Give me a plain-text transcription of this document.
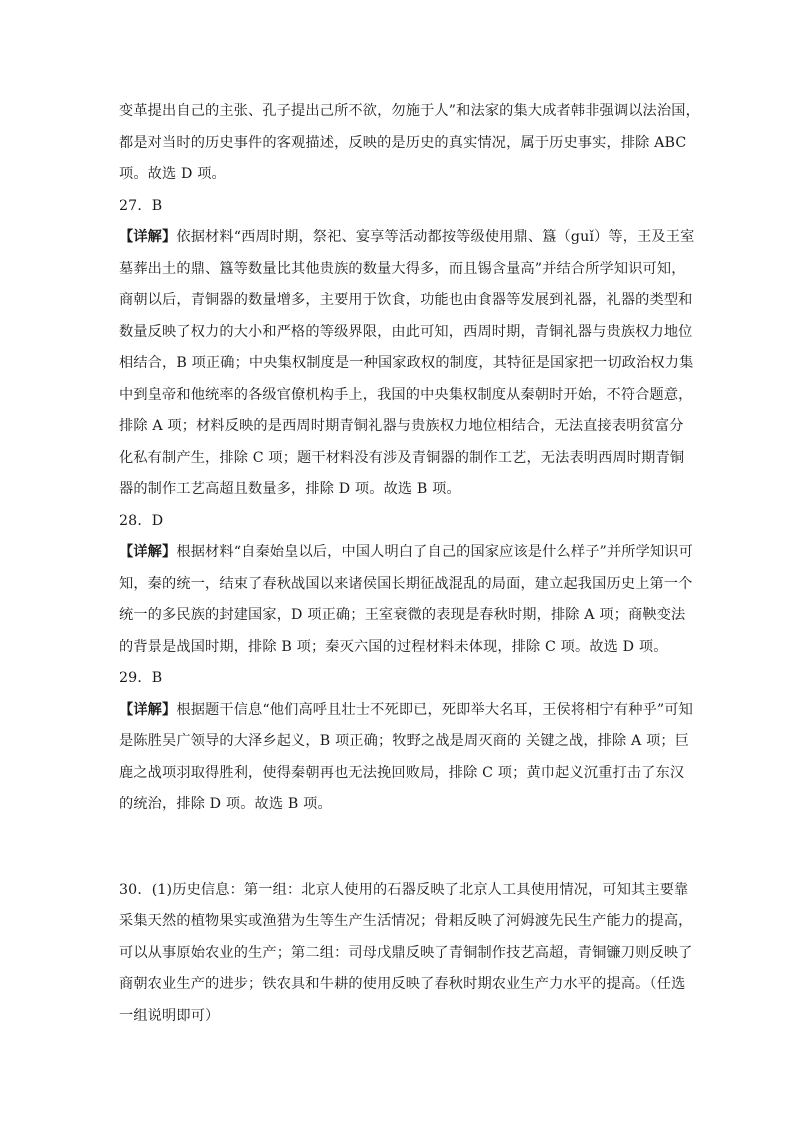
变革提出自己的主张、孔子提出己所不欲，勿施于人”和法家的集大成者韩非强调以法治国，
都是对当时的历史事件的客观描述，反映的是历史的真实情况，属于历史事实，排除 ABC
项。故选 D 项。
27．B
【详解】依据材料“西周时期，祭祀、宴享等活动都按等级使用鼎、簋（guǐ）等，王及王室
墓葬出土的鼎、簋等数量比其他贵族的数量大得多，而且锡含量高”并结合所学知识可知，
商朝以后，青铜器的数量增多，主要用于饮食，功能也由食器等发展到礼器，礼器的类型和
数量反映了权力的大小和严格的等级界限，由此可知，西周时期，青铜礼器与贵族权力地位
相结合，B 项正确；中央集权制度是一种国家政权的制度，其特征是国家把一切政治权力集
中到皇帝和他统率的各级官僚机构手上，我国的中央集权制度从秦朝时开始，不符合题意，
排除 A 项；材料反映的是西周时期青铜礼器与贵族权力地位相结合，无法直接表明贫富分
化私有制产生，排除 C 项；题干材料没有涉及青铜器的制作工艺，无法表明西周时期青铜
器的制作工艺高超且数量多，排除 D 项。故选 B 项。
28．D
【详解】根据材料“自秦始皇以后，中国人明白了自己的国家应该是什么样子”并所学知识可
知，秦的统一，结束了春秋战国以来诸侯国长期征战混乱的局面，建立起我国历史上第一个
统一的多民族的封建国家，D 项正确；王室衰微的表现是春秋时期，排除 A 项；商鞅变法
的背景是战国时期，排除 B 项；秦灭六国的过程材料未体现，排除 C 项。故选 D 项。
29．B
【详解】根据题干信息“他们高呼且壮士不死即已，死即举大名耳，王侯将相宁有种乎”可知
是陈胜吴广领导的大泽乡起义，B 项正确；牧野之战是周灭商的 关键之战，排除 A 项；巨
鹿之战项羽取得胜利，使得秦朝再也无法挽回败局，排除 C 项；黄巾起义沉重打击了东汉
的统治，排除 D 项。故选 B 项。
30．(1)历史信息：第一组：北京人使用的石器反映了北京人工具使用情况，可知其主要靠
采集天然的植物果实或渔猎为生等生产生活情况；骨耜反映了河姆渡先民生产能力的提高，
可以从事原始农业的生产；第二组：司母戊鼎反映了青铜制作技艺高超，青铜镰刀则反映了
商朝农业生产的进步；铁农具和牛耕的使用反映了春秋时期农业生产力水平的提高。（任选
一组说明即可）
